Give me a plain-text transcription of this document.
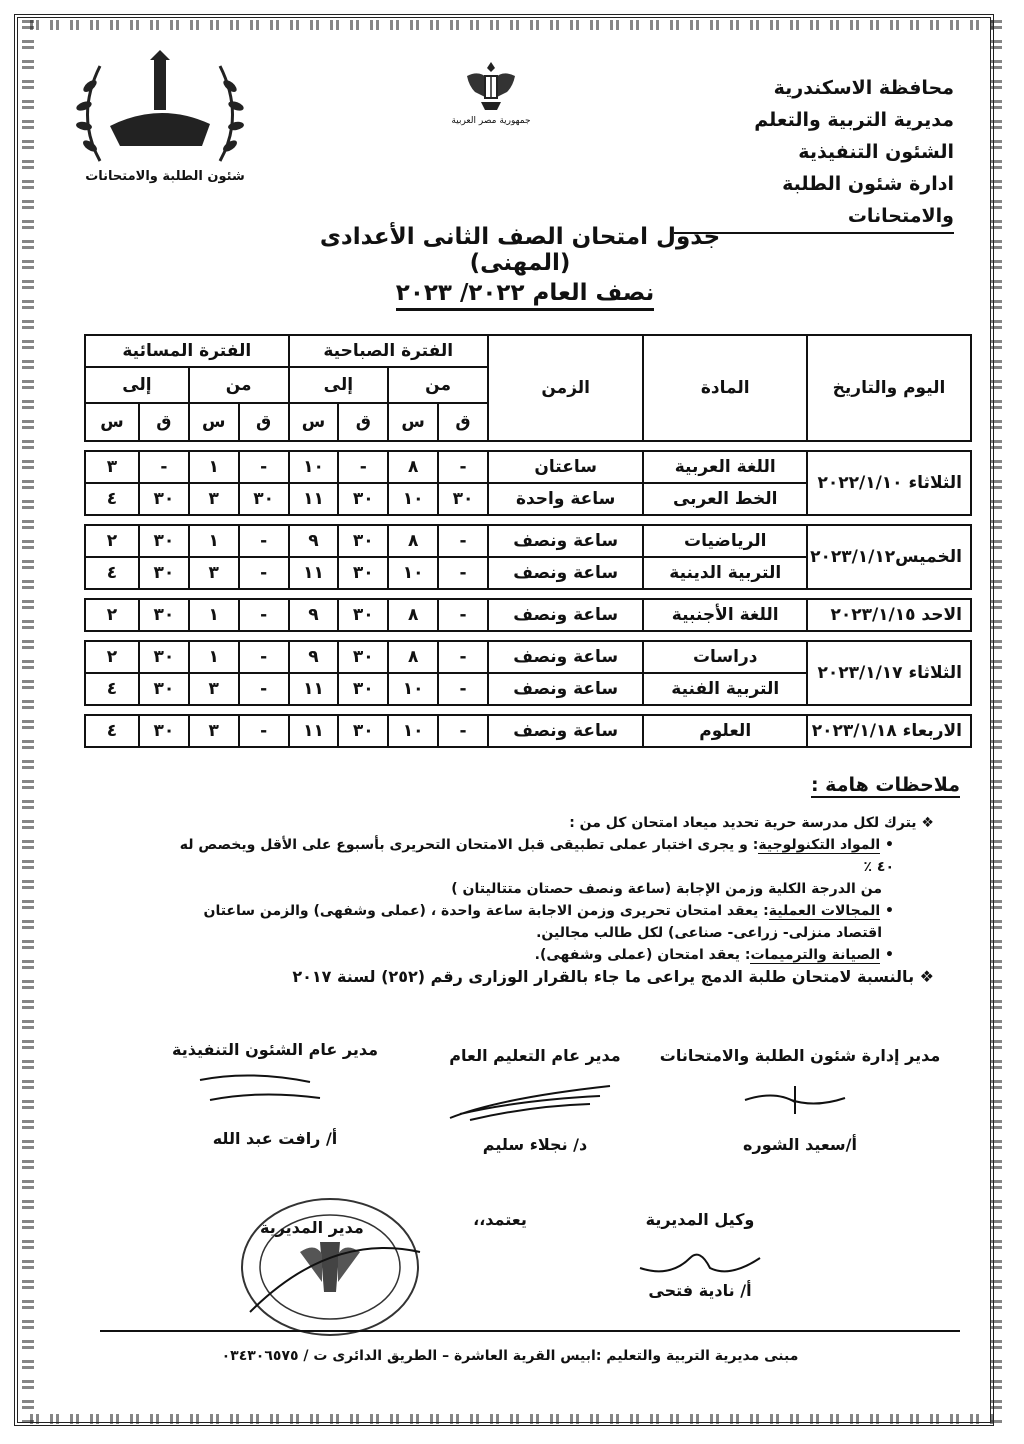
محافظة الاسكندرية
مديرية التربية والتعلم
الشئون التنفيذية
ادارة شئون الطلبة والامتحانات
جمهورية مصر العربية
شئون الطلبة والامتحانات
جدول امتحان الصف الثانى الأعدادى (المهنى)
نصف العام ٢٠٢٢/ ٢٠٢٣
اليوم والتاريخ	المادة	الزمن	الفترة الصباحية				الفترة المسائية			
			من		إلى		من		إلى	
			ق	س	ق	س	ق	س	ق	س

الثلاثاء ٢٠٢٢/١/١٠	اللغة العربية	ساعتان	-	٨	-	١٠	-	١	-	٣
	الخط العربى	ساعة واحدة	٣٠	١٠	٣٠	١١	٣٠	٣	٣٠	٤

الخميس٢٠٢٣/١/١٢	الرياضيات	ساعة ونصف	-	٨	٣٠	٩	-	١	٣٠	٢
	التربية الدينية	ساعة ونصف	-	١٠	٣٠	١١	-	٣	٣٠	٤

الاحد ٢٠٢٣/١/١٥	اللغة الأجنبية	ساعة ونصف	-	٨	٣٠	٩	-	١	٣٠	٢

الثلاثاء ٢٠٢٣/١/١٧	دراسات	ساعة ونصف	-	٨	٣٠	٩	-	١	٣٠	٢
	التربية الفنية	ساعة ونصف	-	١٠	٣٠	١١	-	٣	٣٠	٤

الاربعاء ٢٠٢٣/١/١٨	العلوم	ساعة ونصف	-	١٠	٣٠	١١	-	٣	٣٠	٤
ملاحظات هامة :
❖ يترك لكل مدرسة حرية تحديد ميعاد امتحان كل من :
• المواد التكنولوجية: و يجرى اختبار عملى تطبيقى قبل الامتحان التحريرى بأسبوع على الأقل ويخصص له ٤٠ ٪
من الدرجة الكلية وزمن الإجابة (ساعة ونصف حصتان متتاليتان )
• المجالات العملية: يعقد امتحان تحريرى وزمن الاجابة ساعة واحدة ، (عملى وشفهى) والزمن ساعتان
اقتصاد منزلى- زراعى- صناعى) لكل طالب مجالين.
• الصيانة والترميمات: يعقد امتحان (عملى وشفهى).
❖ بالنسبة لامتحان طلبة الدمج يراعى ما جاء بالقرار الوزارى رقم (٢٥٢) لسنة ٢٠١٧
مدير إدارة شئون الطلبة والامتحانات
أ/سعيد الشوره
مدير عام التعليم العام
د/ نجلاء سليم
مدير عام الشئون التنفيذية
أ/ رافت عبد الله
وكيل المديرية
أ/ نادية فتحى
يعتمد،،
مدير المديرية
مبنى مديرية التربية والتعليم :ابيس القرية العاشرة – الطريق الدائرى ت / ٠٣٤٣٠٦٥٧٥
